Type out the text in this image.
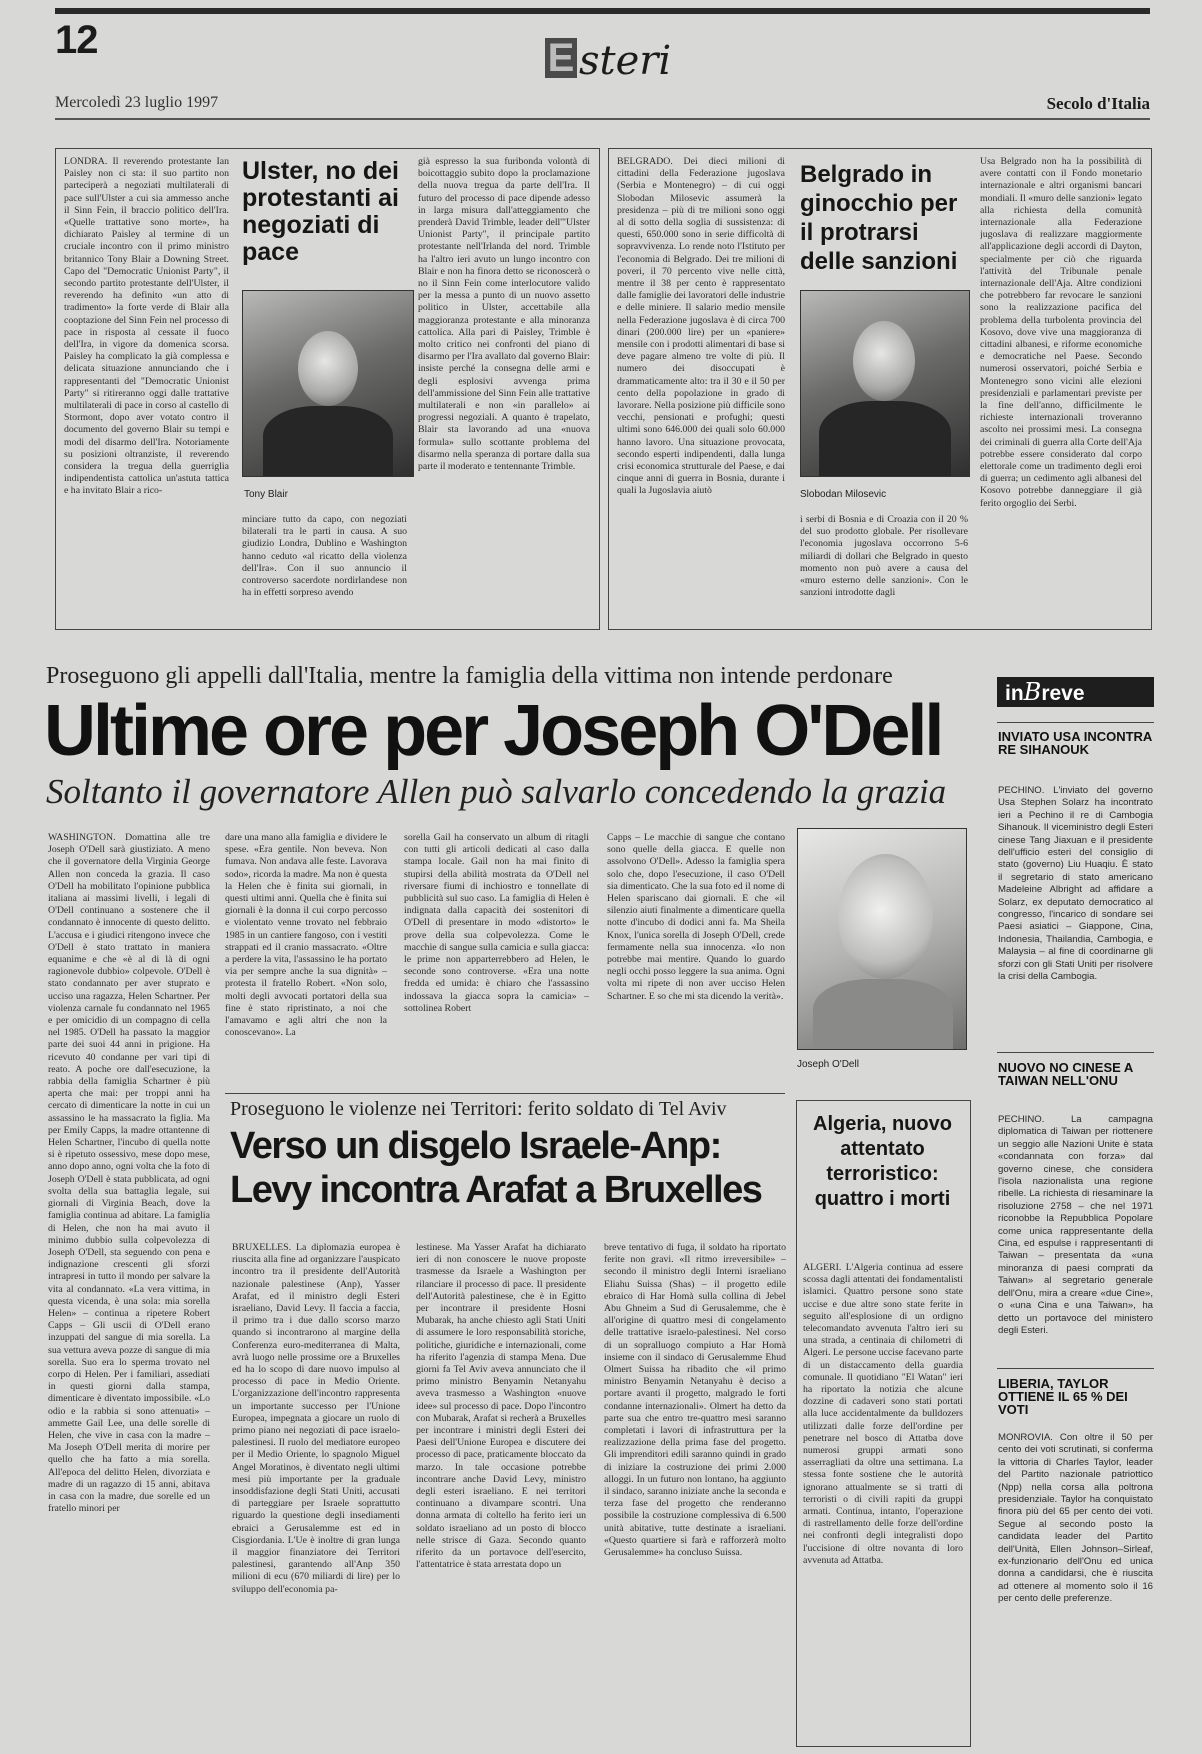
12	E steri
Mercoledì 23 luglio 1997	Secolo d'Italia
LONDRA. Il reverendo protestante Ian Paisley non ci sta: il suo partito non parteciperà a negoziati multilaterali di pace sull'Ulster a cui sia ammesso anche il Sinn Fein, il braccio politico dell'Ira. «Quelle trattative sono morte», ha dichiarato Paisley al termine di un cruciale incontro con il primo ministro britannico Tony Blair a Downing Street. Capo del "Democratic Unionist Party", il secondo partito protestante dell'Ulster, il reverendo ha definito «un atto di tradimento» la forte verde di Blair alla cooptazione del Sinn Fein nel processo di pace in risposta al cessate il fuoco dell'Ira, in vigore da domenica scorsa. Paisley ha complicato la già complessa e delicata situazione annunciando che i rappresentanti del "Democratic Unionist Party" si ritireranno oggi dalle trattative multilaterali di pace in corso al castello di Stormont, dopo aver votato contro il documento del governo Blair su tempi e modi del disarmo dell'Ira. Notoriamente su posizioni oltranziste, il reverendo considera la tregua della guerriglia indipendentista cattolica un'astuta tattica e ha invitato Blair a rico-
Ulster, no dei protestanti ai negoziati di pace
Tony Blair
minciare tutto da capo, con negoziati bilaterali tra le parti in causa. A suo giudizio Londra, Dublino e Washington hanno ceduto «al ricatto della violenza dell'Ira». Con il suo annuncio il controverso sacerdote nordirlandese non ha in effetti sorpreso avendo
già espresso la sua furibonda volontà di boicottaggio subito dopo la proclamazione della nuova tregua da parte dell'Ira. Il futuro del processo di pace dipende adesso in larga misura dall'atteggiamento che prenderà David Trimble, leader dell'"Ulster Unionist Party", il principale partito protestante nell'Irlanda del nord. Trimble ha l'altro ieri avuto un lungo incontro con Blair e non ha finora detto se riconoscerà o no il Sinn Fein come interlocutore valido per la messa a punto di un nuovo assetto politico in Ulster, accettabile alla maggioranza protestante e alla minoranza cattolica. Alla pari di Paisley, Trimble è molto critico nei confronti del piano di disarmo per l'Ira avallato dal governo Blair: insiste perché la consegna delle armi e degli esplosivi avvenga prima dell'ammissione del Sinn Fein alle trattative multilaterali e non «in parallelo» ai progressi negoziali. A quanto è trapelato, Blair sta lavorando ad una «nuova formula» sullo scottante problema del disarmo nella speranza di portare dalla sua parte il moderato e tentennante Trimble.
BELGRADO. Dei dieci milioni di cittadini della Federazione jugoslava (Serbia e Montenegro) – di cui oggi Slobodan Milosevic assumerà la presidenza – più di tre milioni sono oggi al di sotto della soglia di sussistenza: di questi, 650.000 sono in serie difficoltà di sopravvivenza. Lo rende noto l'Istituto per l'economia di Belgrado. Dei tre milioni di poveri, il 70 percento vive nelle città, mentre il 38 per cento è rappresentato dalle famiglie dei lavoratori delle industrie e delle miniere. Il salario medio mensile nella Federazione jugoslava è di circa 700 dinari (200.000 lire) per un «paniere» mensile con i prodotti alimentari di base si deve pagare almeno tre volte di più. Il numero dei disoccupati è drammaticamente alto: tra il 30 e il 50 per cento della popolazione in grado di lavorare. Nella posizione più difficile sono vecchi, pensionati e profughi; questi ultimi sono 646.000 dei quali solo 60.000 hanno lavoro. Una situazione provocata, secondo esperti indipendenti, dalla lunga crisi economica strutturale del Paese, e dai cinque anni di guerra in Bosnia, durante i quali la Jugoslavia aiutò
Belgrado in ginocchio per il protrarsi delle sanzioni
Slobodan Milosevic
i serbi di Bosnia e di Croazia con il 20 % del suo prodotto globale. Per risollevare l'economia jugoslava occorrono 5-6 miliardi di dollari che Belgrado in questo momento non può avere a causa del «muro esterno delle sanzioni». Con le sanzioni introdotte dagli
Usa Belgrado non ha la possibilità di avere contatti con il Fondo monetario internazionale e altri organismi bancari mondiali. Il «muro delle sanzioni» legato alla richiesta della comunità internazionale alla Federazione jugoslava di realizzare maggiormente all'applicazione degli accordi di Dayton, specialmente per ciò che riguarda l'attività del Tribunale penale internazionale dell'Aja. Altre condizioni che potrebbero far revocare le sanzioni sono la realizzazione pacifica del problema della turbolenta provincia del Kosovo, dove vive una maggioranza di cittadini albanesi, e riforme economiche e democratiche nel Paese. Secondo numerosi osservatori, poiché Serbia e Montenegro sono vicini alle elezioni presidenziali e parlamentari previste per la fine dell'anno, difficilmente le richieste internazionali troveranno ascolto nei prossimi mesi. La consegna dei criminali di guerra alla Corte dell'Aja potrebbe essere considerato dal corpo elettorale come un tradimento degli eroi di guerra; un cedimento agli albanesi del Kosovo potrebbe danneggiare il già ferito orgoglio dei Serbi.
Proseguono gli appelli dall'Italia, mentre la famiglia della vittima non intende perdonare
Ultime ore per Joseph O'Dell
Soltanto il governatore Allen può salvarlo concedendo la grazia
WASHINGTON. Domattina alle tre Joseph O'Dell sarà giustiziato. A meno che il governatore della Virginia George Allen non conceda la grazia. Il caso O'Dell ha mobilitato l'opinione pubblica italiana ai massimi livelli, i legali di O'Dell continuano a sostenere che il condannato è innocente di questo delitto. L'accusa e i giudici ritengono invece che O'Dell è stato trattato in maniera equanime e che «è al di là di ogni ragionevole dubbio» colpevole. O'Dell è stato condannato per aver stuprato e ucciso una ragazza, Helen Schartner. Per violenza carnale fu condannato nel 1965 e per omicidio di un compagno di cella nel 1985. O'Dell ha passato la maggior parte dei suoi 44 anni in prigione. Ha ricevuto 40 condanne per vari tipi di reato. A poche ore dall'esecuzione, la rabbia della famiglia Schartner è più aperta che mai: per troppi anni ha cercato di dimenticare la notte in cui un assassino le ha massacrato la figlia. Ma per Emily Capps, la madre ottantenne di Helen Schartner, l'incubo di quella notte si è ripetuto ossessivo, mese dopo mese, anno dopo anno, ogni volta che la foto di Joseph O'Dell è stata pubblicata, ad ogni svolta della sua battaglia legale, sui giornali di Virginia Beach, dove la famiglia continua ad abitare. La famiglia di Helen, che non ha mai avuto il minimo dubbio sulla colpevolezza di Joseph O'Dell, sta seguendo con pena e indignazione crescenti gli sforzi intrapresi in tutto il mondo per salvare la vita al condannato. «La vera vittima, in questa vicenda, è una sola: mia sorella Helen» – continua a ripetere Robert Capps – Gli uscii di O'Dell erano inzuppati del sangue di mia sorella. La sua vettura aveva pozze di sangue di mia sorella. Suo era lo sperma trovato nel corpo di Helen. Per i familiari, assediati in questi giorni dalla stampa, dimenticare è diventato impossibile. «Lo odio e la rabbia si sono attenuati» – ammette Gail Lee, una delle sorelle di Helen, che vive in casa con la madre – Ma Joseph O'Dell merita di morire per quello che ha fatto a mia sorella. All'epoca del delitto Helen, divorziata e madre di un ragazzo di 15 anni, abitava in casa con la madre, due sorelle ed un fratello minori per
dare una mano alla famiglia e dividere le spese. «Era gentile. Non beveva. Non fumava. Non andava alle feste. Lavorava sodo», ricorda la madre. Ma non è questa la Helen che è finita sui giornali, in questi ultimi anni. Quella che è finita sui giornali è la donna il cui corpo percosso e violentato venne trovato nel febbraio 1985 in un cantiere fangoso, con i vestiti strappati ed il cranio massacrato. «Oltre a perdere la vita, l'assassino le ha portato via per sempre anche la sua dignità» – protesta il fratello Robert. «Non solo, molti degli avvocati portatori della sua fine è stato ripristinato, a noi che l'amavamo e agli altri che non la conoscevano». La
sorella Gail ha conservato un album di ritagli con tutti gli articoli dedicati al caso dalla stampa locale. Gail non ha mai finito di stupirsi della abilità mostrata da O'Dell nel riversare fiumi di inchiostro e tonnellate di pubblicità sul suo caso. La famiglia di Helen è indignata dalla capacità dei sostenitori di O'Dell di presentare in modo «distorto» le prove della sua colpevolezza. Come le macchie di sangue sulla camicia e sulla giacca: le prime non apparterrebbero ad Helen, le seconde sono controverse. «Era una notte fredda ed umida: è chiaro che l'assassino indossava la giacca sopra la camicia» – sottolinea Robert
Capps – Le macchie di sangue che contano sono quelle della giacca. E quelle non assolvono O'Dell». Adesso la famiglia spera solo che, dopo l'esecuzione, il caso O'Dell sia dimenticato. Che la sua foto ed il nome di Helen spariscano dai giornali. E che «il silenzio aiuti finalmente a dimenticare quella notte d'incubo di dodici anni fa. Ma Sheila Knox, l'unica sorella di Joseph O'Dell, crede fermamente nella sua innocenza. «Io non potrebbe mai mentire. Quando lo guardo negli occhi posso leggere la sua anima. Ogni volta mi ripete di non aver ucciso Helen Schartner. E so che mi sta dicendo la verità».
Joseph O'Dell
Proseguono le violenze nei Territori: ferito soldato di Tel Aviv
Verso un disgelo Israele-Anp: Levy incontra Arafat a Bruxelles
BRUXELLES. La diplomazia europea è riuscita alla fine ad organizzare l'auspicato incontro tra il presidente dell'Autorità nazionale palestinese (Anp), Yasser Arafat, ed il ministro degli Esteri israeliano, David Levy. Il faccia a faccia, il primo tra i due dallo scorso marzo quando si incontrarono al margine della Conferenza euro-mediterranea di Malta, avrà luogo nelle prossime ore a Bruxelles ed ha lo scopo di dare nuovo impulso al processo di pace in Medio Oriente. L'organizzazione dell'incontro rappresenta un importante successo per l'Unione Europea, impegnata a giocare un ruolo di primo piano nei negoziati di pace israelo-palestinesi. Il ruolo del mediatore europeo per il Medio Oriente, lo spagnolo Miguel Angel Moratinos, è diventato negli ultimi mesi più importante per la graduale insoddisfazione degli Stati Uniti, accusati di parteggiare per Israele soprattutto riguardo la questione degli insediamenti ebraici a Gerusalemme est ed in Cisgiordania. L'Ue è inoltre di gran lunga il maggior finanziatore dei Territori palestinesi, garantendo all'Anp 350 milioni di ecu (670 miliardi di lire) per lo sviluppo dell'economia pa-
lestinese. Ma Yasser Arafat ha dichiarato ieri di non conoscere le nuove proposte trasmesse da Israele a Washington per rilanciare il processo di pace. Il presidente dell'Autorità palestinese, che è in Egitto per incontrare il presidente Hosni Mubarak, ha anche chiesto agli Stati Uniti di assumere le loro responsabilità storiche, politiche, giuridiche e internazionali, come ha riferito l'agenzia di stampa Mena. Due giorni fa Tel Aviv aveva annunciato che il primo ministro Benyamin Netanyahu aveva trasmesso a Washington «nuove idee» sul processo di pace. Dopo l'incontro con Mubarak, Arafat si recherà a Bruxelles per incontrare i ministri degli Esteri dei Paesi dell'Unione Europea e discutere dei processo di pace, praticamente bloccato da marzo. In tale occasione potrebbe incontrare anche David Levy, ministro degli esteri israeliano. E nei territori continuano a divampare scontri. Una donna armata di coltello ha ferito ieri un soldato israeliano ad un posto di blocco nelle strisce di Gaza. Secondo quanto riferito da un portavoce dell'esercito, l'attentatrice è stata arrestata dopo un
breve tentativo di fuga, il soldato ha riportato ferite non gravi. «Il ritmo irreversibile» – secondo il ministro degli Interni israeliano Eliahu Suissa (Shas) – il progetto edile ebraico di Har Homà sulla collina di Jebel Abu Ghneim a Sud di Gerusalemme, che è all'origine di quattro mesi di congelamento delle trattative israelo-palestinesi. Nel corso di un sopralluogo compiuto a Har Homà insieme con il sindaco di Gerusalemme Ehud Olmert Suissa ha ribadito che «il primo ministro Benyamin Netanyahu è deciso a portare avanti il progetto, malgrado le forti condanne internazionali». Olmert ha detto da parte sua che entro tre-quattro mesi saranno completati i lavori di infrastruttura per la realizzazione della prima fase del progetto. Gli imprenditori edili saranno quindi in grado di iniziare la costruzione dei primi 2.000 alloggi. In un futuro non lontano, ha aggiunto il sindaco, saranno iniziate anche la seconda e terza fase del progetto che renderanno possibile la costruzione complessiva di 6.500 unità abitative, tutte destinate a israeliani. «Questo quartiere si farà e rafforzerà molto Gerusalemme» ha concluso Suissa.
Algeria, nuovo attentato terroristico: quattro i morti
ALGERI. L'Algeria continua ad essere scossa dagli attentati dei fondamentalisti islamici. Quattro persone sono state uccise e due altre sono state ferite in seguito all'esplosione di un ordigno telecomandato avvenuta l'altro ieri su una strada, a centinaia di chilometri di Algeri. Le persone uccise facevano parte di un distaccamento della guardia comunale. Il quotidiano "El Watan" ieri ha riportato la notizia che alcune dozzine di cadaveri sono stati portati alla luce accidentalmente da bulldozers utilizzati dalle forze dell'ordine per penetrare nel bosco di Attatba dove numerosi gruppi armati sono asserragliati da oltre una settimana. La stessa fonte sostiene che le autorità ignorano attualmente se si tratti di terroristi o di civili rapiti da gruppi armati. Continua, intanto, l'operazione di rastrellamento delle forze dell'ordine nei confronti degli integralisti dopo l'uccisione di oltre novanta di loro avvenuta ad Attatba.
inBreve
INVIATO USA INCONTRA RE SIHANOUK
PECHINO. L'inviato del governo Usa Stephen Solarz ha incontrato ieri a Pechino il re di Cambogia Sihanouk. Il viceministro degli Esteri cinese Tang Jiaxuan e il presidente dell'ufficio esteri del consiglio di stato (governo) Liu Huaqiu. È stato il segretario di stato americano Madeleine Albright ad affidare a Solarz, ex deputato democratico al congresso, l'incarico di sondare sei Paesi asiatici – Giappone, Cina, Indonesia, Thailandia, Cambogia, e Malaysia – al fine di coordinarne gli sforzi con gli Stati Uniti per risolvere la crisi della Cambogia.
NUOVO NO CINESE A TAIWAN NELL'ONU
PECHINO. La campagna diplomatica di Taiwan per riottenere un seggio alle Nazioni Unite è stata «condannata con forza» dal governo cinese, che considera l'isola nazionalista una regione ribelle. La richiesta di riesaminare la risoluzione 2758 – che nel 1971 riconobbe la Repubblica Popolare come unica rappresentante della Cina, ed espulse i rappresentanti di Taiwan – presentata da «una minoranza di paesi comprati da Taiwan» al segretario generale dell'Onu, mira a creare «due Cine», o «una Cina e una Taiwan», ha detto un portavoce del ministero degli Esteri.
LIBERIA, TAYLOR OTTIENE IL 65 % DEI VOTI
MONROVIA. Con oltre il 50 per cento dei voti scrutinati, si conferma la vittoria di Charles Taylor, leader del Partito nazionale patriottico (Npp) nella corsa alla poltrona presidenziale. Taylor ha conquistato finora più del 65 per cento dei voti. Segue al secondo posto la candidata leader del Partito dell'Unità, Ellen Johnson–Sirleaf, ex-funzionario dell'Onu ed unica donna a candidarsi, che è riuscita ad ottenere al momento solo il 16 per cento delle preferenze.
